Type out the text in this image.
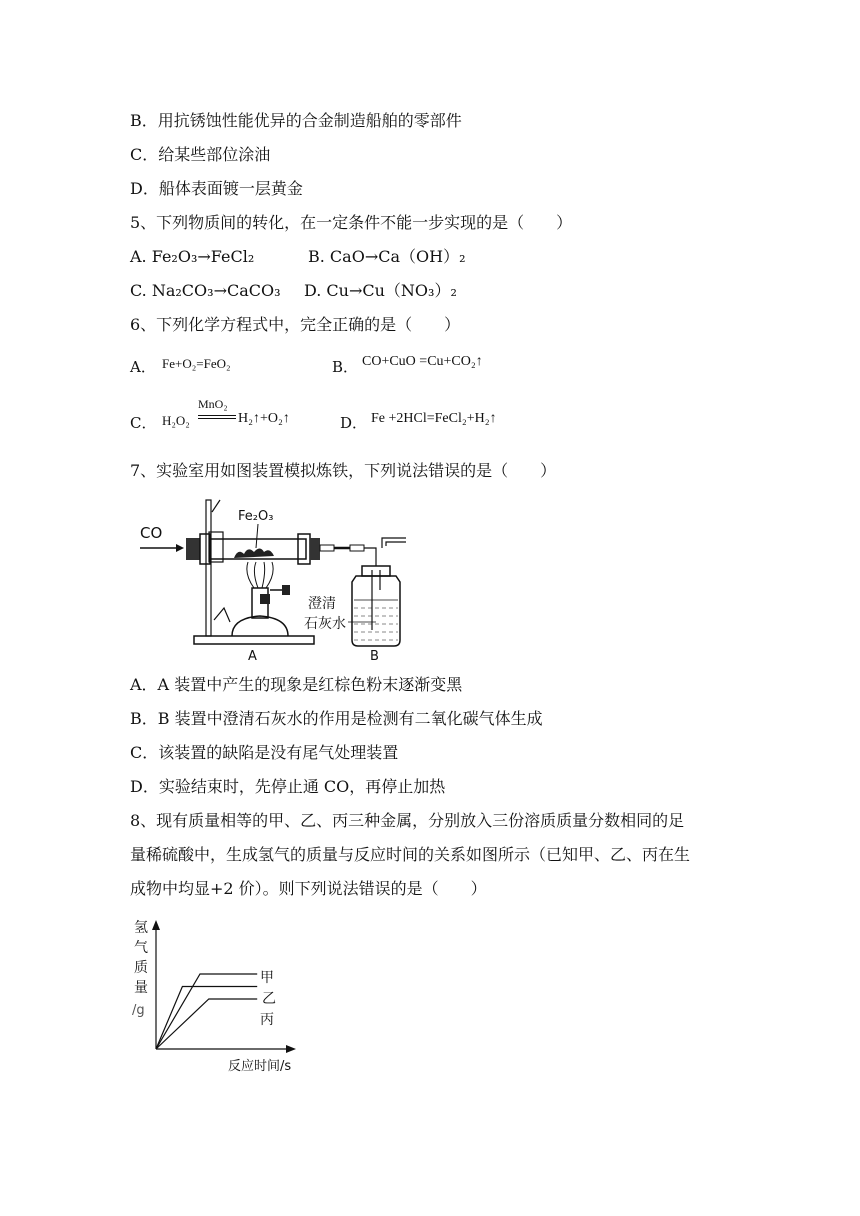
B．用抗锈蚀性能优异的合金制造船舶的零部件
C．给某些部位涂油
D．船体表面镀一层黄金
5、下列物质间的转化，在一定条件不能一步实现的是（　　）
A. Fe₂O₃→FeCl₂	B. CaO→Ca（OH）₂
C. Na₂CO₃→CaCO₃ D. Cu→Cu（NO₃）₂
6、下列化学方程式中，完全正确的是（　　）
A． Fe+O₂=FeO₂	B． CO+CuO =Cu+CO₂↑
C． H₂O₂
MnO₂
H₂↑+O₂↑	D． Fe +2HCl=FeCl₂+H₂↑
7、实验室用如图装置模拟炼铁，下列说法错误的是（　　）
CO
Fe₂O₃
澄清
石灰水
A	B
A．A 装置中产生的现象是红棕色粉末逐渐变黑
B．B 装置中澄清石灰水的作用是检测有二氧化碳气体生成
C．该装置的缺陷是没有尾气处理装置
D．实验结束时，先停止通 CO，再停止加热
8、现有质量相等的甲、乙、丙三种金属，分别放入三份溶质质量分数相同的足
量稀硫酸中，生成氢气的质量与反应时间的关系如图所示（已知甲、乙、丙在生
成物中均显+2 价）。则下列说法错误的是（　　）
氢
气
质
量
/g
反应时间/s
甲
乙
丙
